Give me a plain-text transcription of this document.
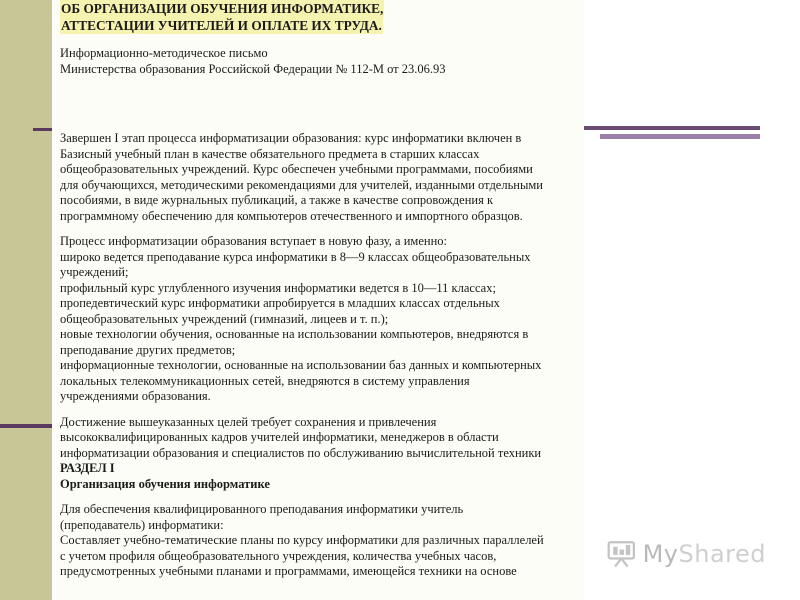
ОБ ОРГАНИЗАЦИИ ОБУЧЕНИЯ ИНФОРМАТИКЕ,
АТТЕСТАЦИИ УЧИТЕЛЕЙ И ОПЛАТЕ ИХ ТРУДА.
Информационно-методическое письмо
Министерства образования Российской Федерации № 112-М от 23.06.93
Завершен I этап процесса информатизации образования: курс информатики включен в
Базисный учебный план в качестве обязательного предмета в старших классах
общеобразовательных учреждений. Курс обеспечен учебными программами, пособиями
для обучающихся, методическими рекомендациями для учителей, изданными отдельными
пособиями, в виде журнальных публикаций, а также в качестве сопровождения к
программному обеспечению для компьютеров отечественного и импортного образцов.
Процесс информатизации образования вступает в новую фазу, а именно:
широко ведется преподавание курса информатики в 8—9 классах общеобразовательных
учреждений;
профильный курс углубленного изучения информатики ведется в 10—11 классах;
пропедевтический курс информатики апробируется в младших классах отдельных
общеобразовательных учреждений (гимназий, лицеев и т. п.);
новые технологии обучения, основанные на использовании компьютеров, внедряются в
преподавание других предметов;
информационные технологии, основанные на использовании баз данных и компьютерных
локальных телекоммуникационных сетей, внедряются в систему управления
учреждениями образования.
Достижение вышеуказанных целей требует сохранения и привлечения
высококвалифицированных кадров учителей информатики, менеджеров в области
информатизации образования и специалистов по обслуживанию вычислительной техники
РАЗДЕЛ I
Организация обучения информатике
Для обеспечения квалифицированного преподавания информатики учитель
(преподаватель) информатики:
Составляет учебно-тематические планы по курсу информатики для различных параллелей
с учетом профиля общеобразовательного учреждения, количества учебных часов,
предусмотренных учебными планами и программами, имеющейся техники на основе
MyShared
